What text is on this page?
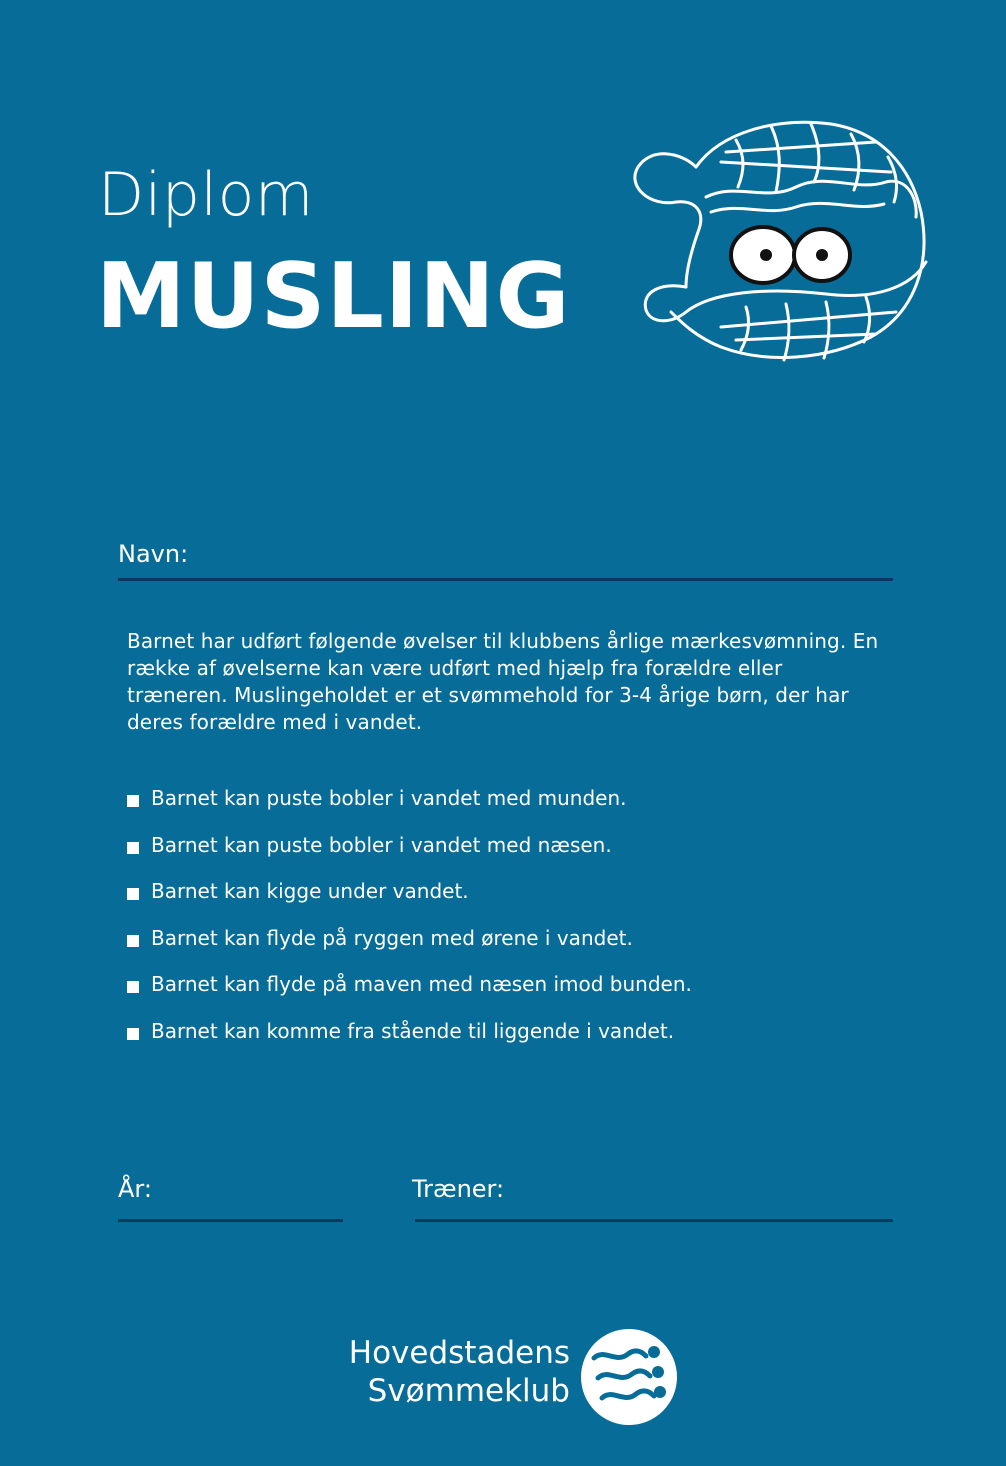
Diplom
MUSLING
Navn:
Barnet har udført følgende øvelser til klubbens årlige mærkesvømning. En række af øvelserne kan være udført med hjælp fra forældre eller træneren. Muslingeholdet er et svømmehold for 3-4 årige børn, der har deres forældre med i vandet.
Barnet kan puste bobler i vandet med munden.
Barnet kan puste bobler i vandet med næsen.
Barnet kan kigge under vandet.
Barnet kan flyde på ryggen med ørene i vandet.
Barnet kan flyde på maven med næsen imod bunden.
Barnet kan komme fra stående til liggende i vandet.
År:	Træner:
Hovedstadens
Svømmeklub
